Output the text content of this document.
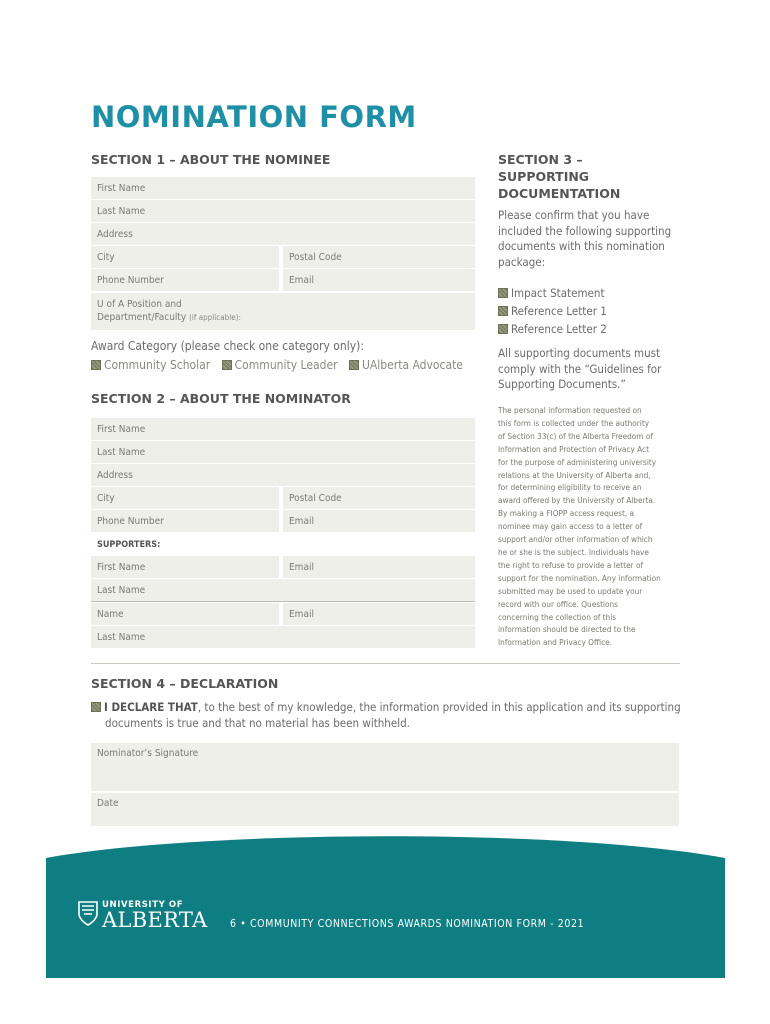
NOMINATION FORM
SECTION 1 – ABOUT THE NOMINEE
First Name
Last Name
Address
City	Postal Code
Phone Number	Email
U of A Position and
Department/Faculty (if applicable):
Award Category (please check one category only):
Community Scholar Community Leader UAlberta Advocate
SECTION 2 – ABOUT THE NOMINATOR
First Name
Last Name
Address
City	Postal Code
Phone Number	Email
SUPPORTERS:
First Name	Email
Last Name
Name	Email
Last Name
SECTION 3 –
SUPPORTING
DOCUMENTATION
Please confirm that you have
included the following supporting
documents with this nomination
package:
Impact Statement
Reference Letter 1
Reference Letter 2
All supporting documents must
comply with the “Guidelines for
Supporting Documents.”
The personal information requested on
this form is collected under the authority
of Section 33(c) of the Alberta Freedom of
Information and Protection of Privacy Act
for the purpose of administering university
relations at the University of Alberta and,
for determining eligibility to receive an
award offered by the University of Alberta.
By making a FIOPP access request, a
nominee may gain access to a letter of
support and/or other information of which
he or she is the subject. Individuals have
the right to refuse to provide a letter of
support for the nomination. Any information
submitted may be used to update your
record with our office. Questions
concerning the collection of this
information should be directed to the
Information and Privacy Office.
SECTION 4 – DECLARATION
I DECLARE THAT, to the best of my knowledge, the information provided in this application and its supporting
documents is true and that no material has been withheld.
Nominator’s Signature
Date
UNIVERSITY OF
ALBERTA 6 • COMMUNITY CONNECTIONS AWARDS NOMINATION FORM - 2021
